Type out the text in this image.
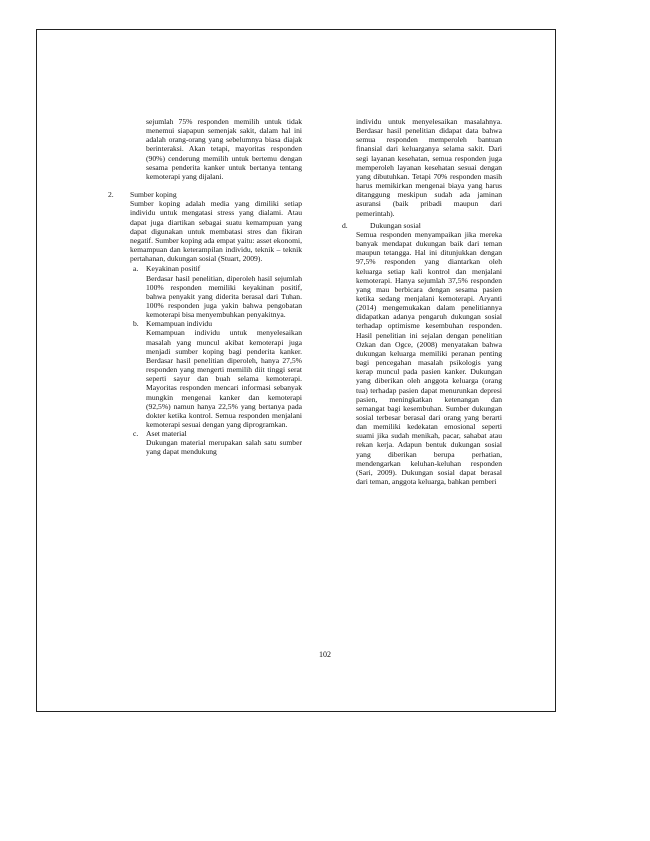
sejumlah 75% responden memilih untuk tidak menemui siapapun semenjak sakit, dalam hal ini adalah orang-orang yang sebelumnya biasa diajak berinteraksi. Akan tetapi, mayoritas responden (90%) cenderung memilih untuk bertemu dengan sesama penderita kanker untuk bertanya tentang kemoterapi yang dijalani.

2. Sumber koping

Sumber koping adalah media yang dimiliki setiap individu untuk mengatasi stress yang dialami. Atau dapat juga diartikan sebagai suatu kemampuan yang dapat digunakan untuk membatasi stres dan fikiran negatif. Sumber koping ada empat yaitu: asset ekonomi, kemampuan dan keterampilan individu, teknik – teknik pertahanan, dukungan sosial (Stuart, 2009).

a. Keyakinan positif

Berdasar hasil penelitian, diperoleh hasil sejumlah 100% responden memiliki keyakinan positif, bahwa penyakit yang diderita berasal dari Tuhan. 100% responden juga yakin bahwa pengobatan kemoterapi bisa menyembuhkan penyakitnya.

b. Kemampuan individu

Kemampuan individu untuk menyelesaikan masalah yang muncul akibat kemoterapi juga menjadi sumber koping bagi penderita kanker. Berdasar hasil penelitian diperoleh, hanya 27,5% responden yang mengerti memilih diit tinggi serat seperti sayur dan buah selama kemoterapi. Mayoritas responden mencari informasi sebanyak mungkin mengenai kanker dan kemoterapi (92,5%) namun hanya 22,5% yang bertanya pada dokter ketika kontrol. Semua responden menjalani kemoterapi sesuai dengan yang diprogramkan.

c. Aset material

Dukungan material merupakan salah satu sumber yang dapat mendukung

individu untuk menyelesaikan masalahnya. Berdasar hasil penelitian didapat data bahwa semua responden memperoleh bantuan finansial dari keluarganya selama sakit. Dari segi layanan kesehatan, semua responden juga memperoleh layanan kesehatan sesuai dengan yang dibutuhkan. Tetapi 70% responden masih harus memikirkan mengenai biaya yang harus ditanggung meskipun sudah ada jaminan asuransi (baik pribadi maupun dari pemerintah).

d.	Dukungan sosial

Semua responden menyampaikan jika mereka banyak mendapat dukungan baik dari teman maupun tetangga. Hal ini ditunjukkan dengan 97,5% responden yang diantarkan oleh keluarga setiap kali kontrol dan menjalani kemoterapi. Hanya sejumlah 37,5% responden yang mau berbicara dengan sesama pasien ketika sedang menjalani kemoterapi. Aryanti (2014) mengemukakan dalam penelitiannya didapatkan adanya pengaruh dukungan sosial terhadap optimisme kesembuhan responden. Hasil penelitian ini sejalan dengan penelitian Ozkan dan Ogce, (2008) menyatakan bahwa dukungan keluarga memiliki peranan penting bagi pencegahan masalah psikologis yang kerap muncul pada pasien kanker. Dukungan yang diberikan oleh anggota keluarga (orang tua) terhadap pasien dapat menurunkan depresi pasien, meningkatkan ketenangan dan semangat bagi kesembuhan. Sumber dukungan sosial terbesar berasal dari orang yang berarti dan memiliki kedekatan emosional seperti suami jika sudah menikah, pacar, sahabat atau rekan kerja. Adapun bentuk dukungan sosial yang diberikan berupa perhatian, mendengarkan keluhan-keluhan responden (Sari, 2009). Dukungan sosial dapat berasal dari teman, anggota keluarga, bahkan pemberi

102
